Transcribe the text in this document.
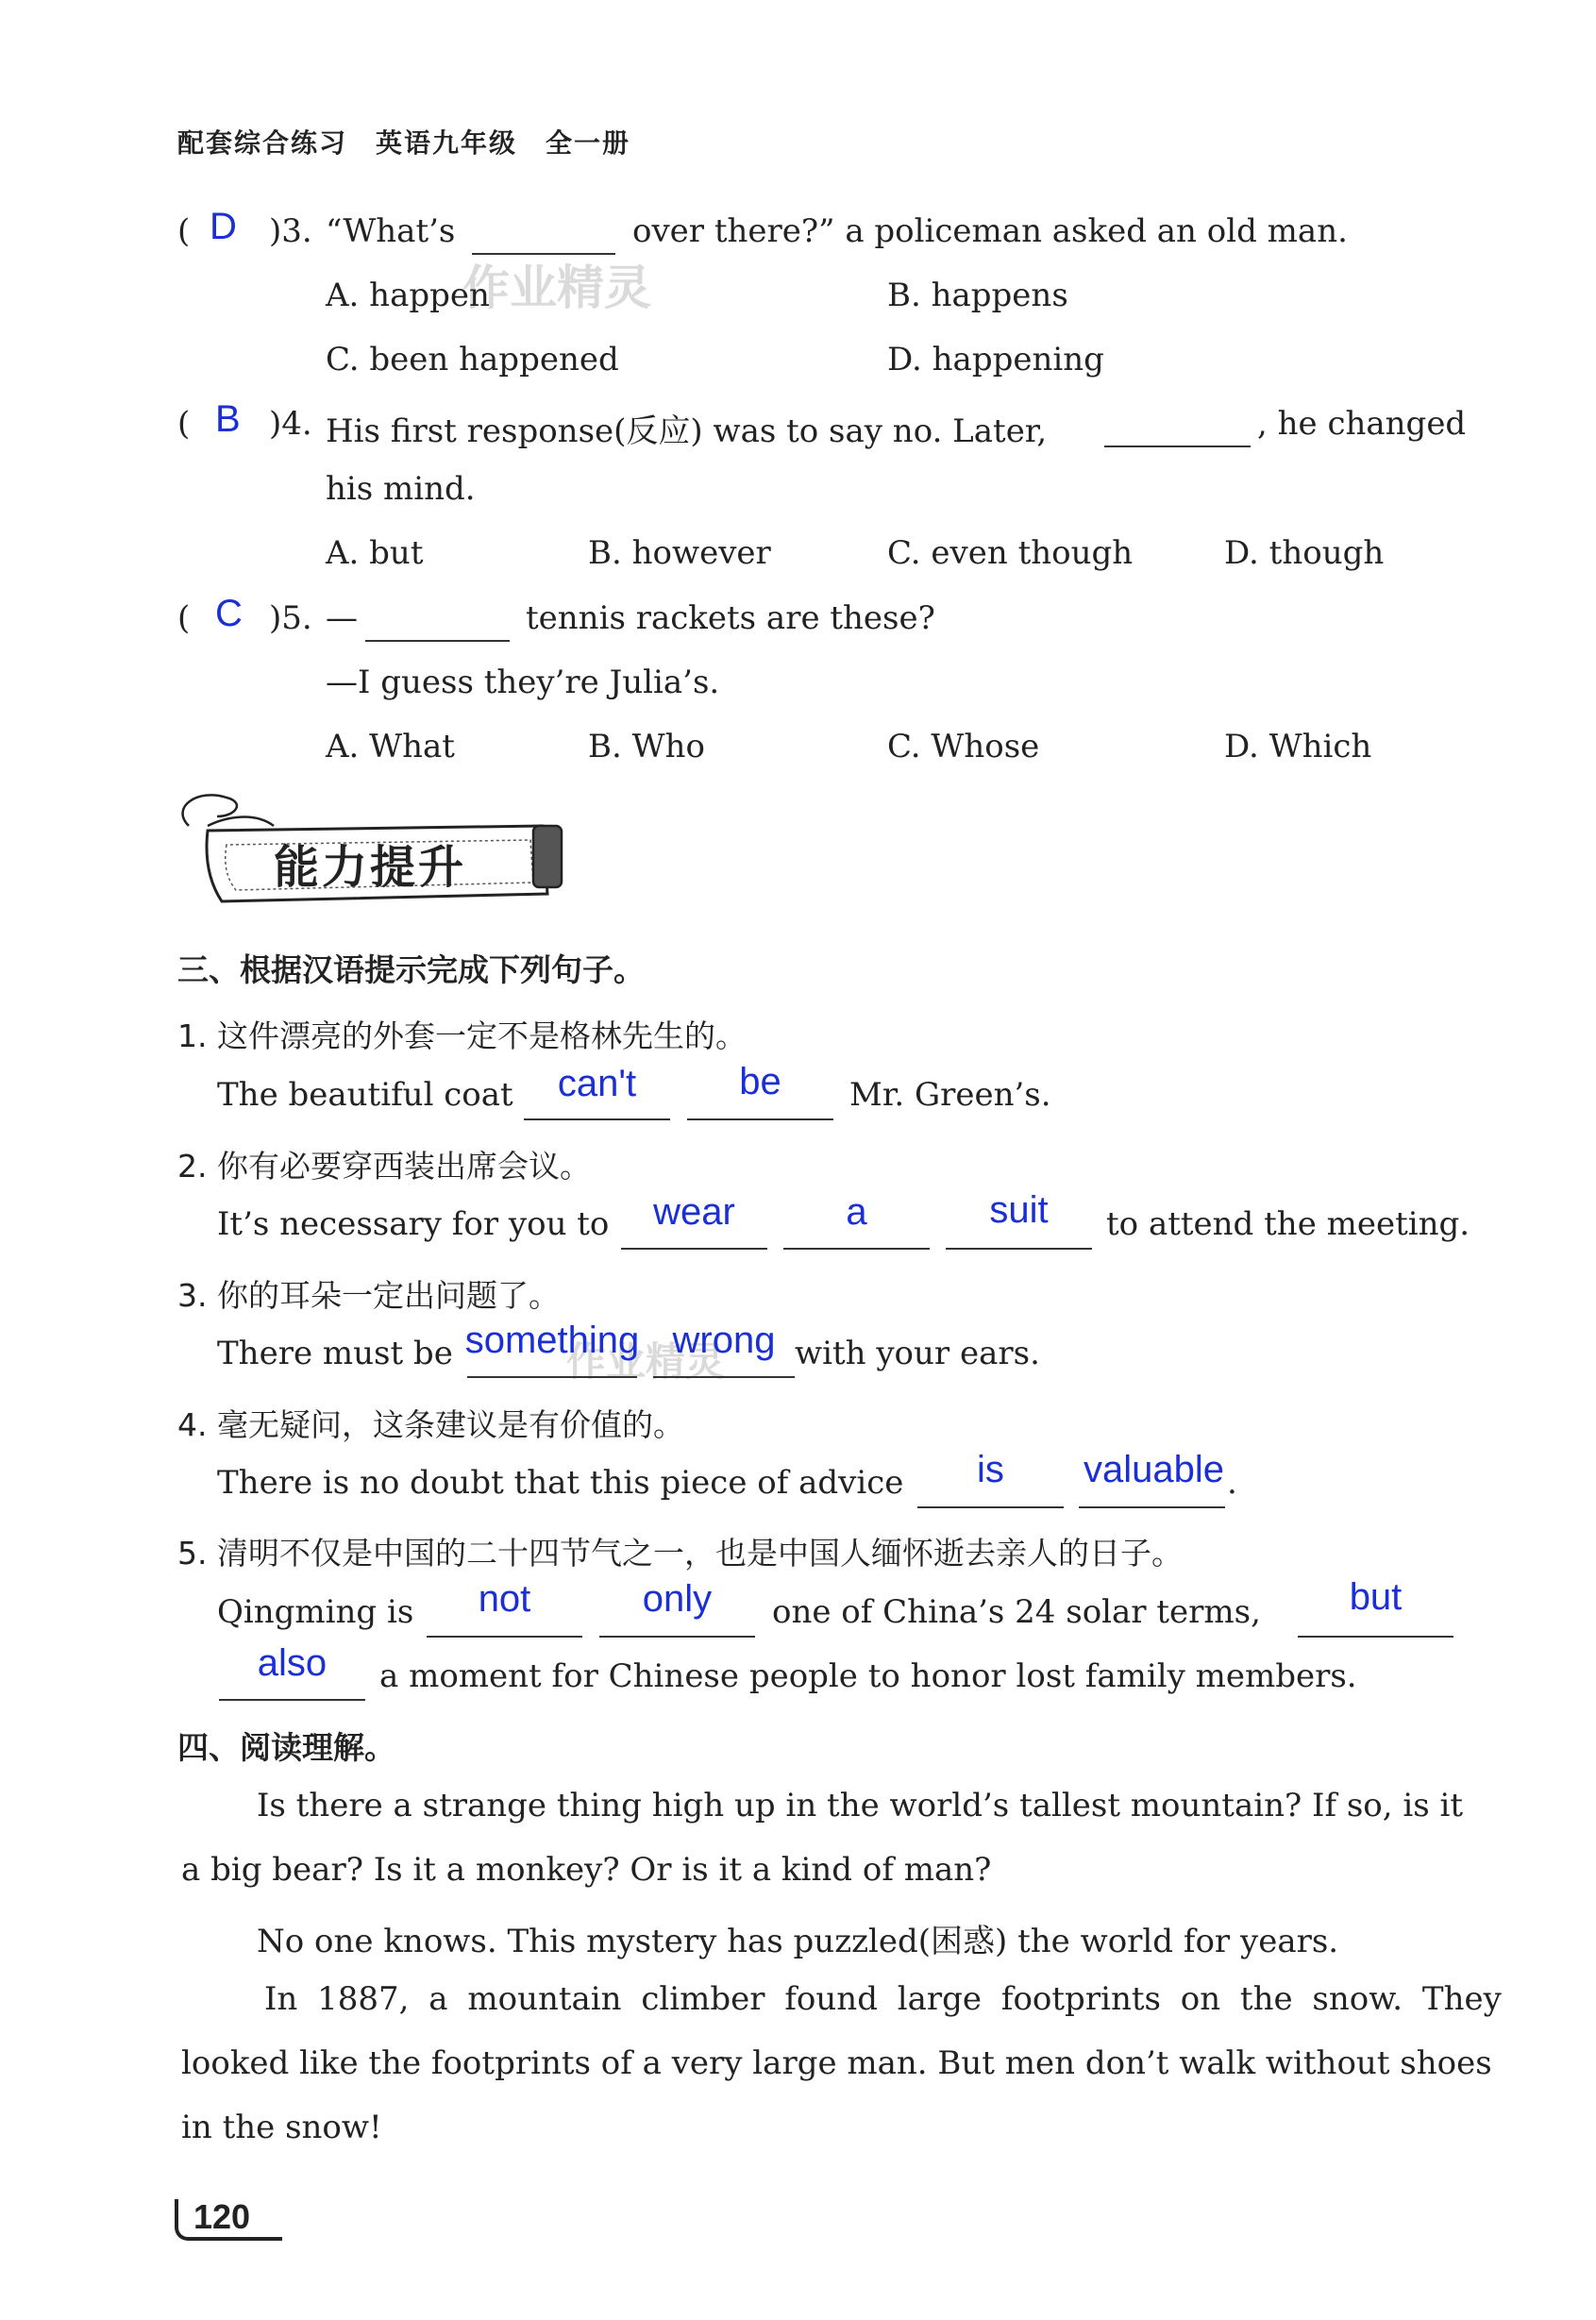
配套综合练习　英语九年级　全一册
作业精灵
作业精灵
( D )3. “What’s	over there?” a policeman asked an old man.
A. happen	B. happens
C. been happened	D. happening
( B )4. His first response(反应) was to say no. Later,	, he changed
his mind.
A. but	B. however	C. even though	D. though
( C )5. —	tennis rackets are these?
—I guess they’re Julia’s.
A. What	B. Who	C. Whose	D. Which
能力提升
三、根据汉语提示完成下列句子。
1. 这件漂亮的外套一定不是格林先生的。
The beautiful coat	can't	be	Mr. Green’s.
2. 你有必要穿西装出席会议。
It’s necessary for you to	wear	a	suit	to attend the meeting.
3. 你的耳朵一定出问题了。
There must be something wrong with your ears.
4. 毫无疑问，这条建议是有价值的。
There is no doubt that this piece of advice	is	valuable .
5. 清明不仅是中国的二十四节气之一，也是中国人缅怀逝去亲人的日子。
Qingming is	not	only	one of China’s 24 solar terms,	but
also	a moment for Chinese people to honor lost family members.
四、阅读理解。
Is there a strange thing high up in the world’s tallest mountain? If so, is it
a big bear? Is it a monkey? Or is it a kind of man?
No one knows. This mystery has puzzled(困惑) the world for years.
In 1887, a mountain climber found large footprints on the snow. They
looked like the footprints of a very large man. But men don’t walk without shoes
in the snow!
120
